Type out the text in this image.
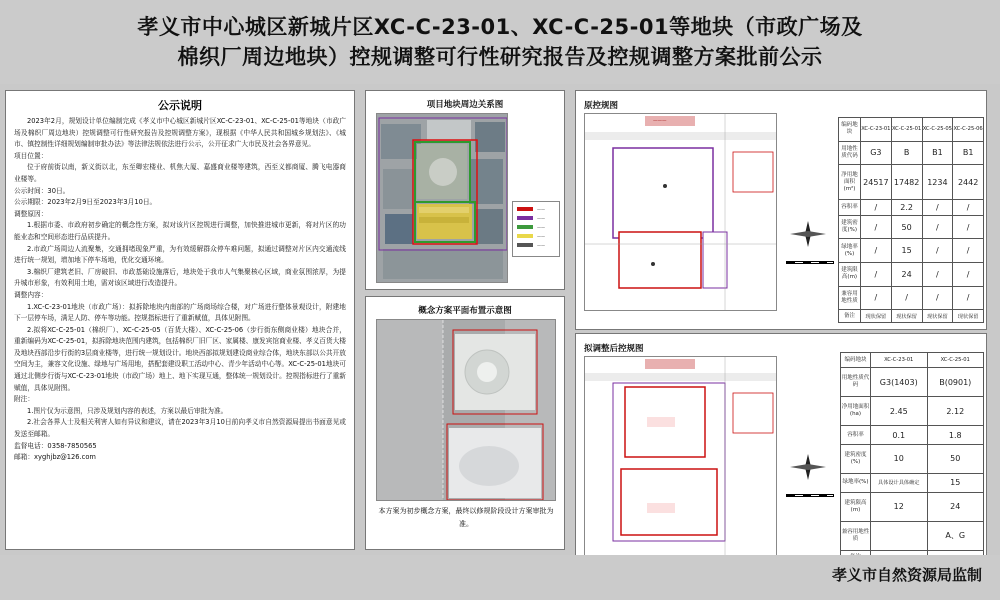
孝义市中心城区新城片区XC-C-23-01、XC-C-25-01等地块（市政广场及
棉织厂周边地块）控规调整可行性研究报告及控规调整方案批前公示
公示说明

2023年2月，规划设计单位编制完成《孝义市中心城区新城片区XC-C-23-01、XC-C-25-01等地块（市政广场及棉织厂周边地块）控规调整可行性研究报告及控规调整方案》，现根据《中华人民共和国城乡规划法》、《城市、镇控制性详细规划编制审批办法》等法律法规依法进行公示，公开征求广大市民及社会各界意见。

项目位置：

位于府前街以南，新义街以北，东至卿宏楼业、机焦大厦、嘉盛商业楼等建筑，西至义都商厦、腾飞电器商业楼等。

公示时间：30日。

公示期限：2023年2月9日至2023年3月10日。

调整原因：

1.根据市委、市政府初步确定的概念性方案，拟对该片区控规进行调整，加快推进城市更新，将对片区的功能业态和空间形态进行品质提升。

2.市政广场周边人流聚集，交通拥堵现象严重，为有效缓解群众停车难问题，拟通过调整对片区内交通流线进行统一规划，增加地下停车场地，优化交通环境。

3.棉织厂建筑老旧、厂房破旧、市政基础设施落后，地块处于我市人气集聚核心区域，商业氛围浓厚，为提升城市形象，有效利用土地，需对该区域进行改造提升。

调整内容：

1.XC-C-23-01地块（市政广场）：拟拆除地块内南部的广场商场综合楼，对广场进行整体景观设计，附建地下一层停车场，满足人防、停车等功能。控规指标进行了重新赋值，具体见附图。

2.拟将XC-C-25-01（棉织厂）、XC-C-25-05（百货大楼）、XC-C-25-06（步行街东侧商业楼）地块合并，重新编码为XC-C-25-01，拟拆除地块范围内建筑，包括棉织厂旧厂区、家属楼、康发宾馆商业楼、孝义百货大楼及地块西部沿步行街的3层商业楼等，进行统一规划设计。地块西部拟规划建设商业综合体，地块东部以公共开放空间为主，兼容文化设施、绿地与广场用地，搭配套建设职工活动中心、青少年活动中心等。XC-C-25-01地块可通过北侧步行街与XC-C-23-01地块（市政广场）地上、地下实现互通，整体统一规划设计。控规指标进行了重新赋值，具体见附图。

附注：

1.图片仅为示意图，只涉及规划内容的表述，方案以最后审批为准。

2.社会各界人士及相关利害人如有异议和建议，请在2023年3月10日前向孝义市自然资源局提出书面意见或发送至邮箱。

监督电话：0358-7850565

邮箱：xyghjbz@126.com

项目地块周边关系图
——
——
——
——
——
概念方案平面布置示意图
本方案为初步概念方案，最终以修规阶段设计方案审批为准。
原控规图
———
编码地块	XC-C-23-01	XC-C-25-01	XC-C-25-05	XC-C-25-06
用地性质代码	G3	B	B1	B1
净用地面积(m²)	24517	17482	1234	2442
容积率	/	2.2	/	/
建筑密度(%)	/	50	/	/
绿地率(%)	/	15	/	/
建筑限高(m)	/	24	/	/
兼容用地性质	/	/	/	/
备注	现状保留	现状保留	现状保留	现状保留
拟调整后控规图
编码地块	XC-C-23-01	XC-C-25-01
用地性质代码	G3(1403)	B(0901)
净用地面积(ha)	2.45	2.12
容积率	0.1	1.8
建筑密度(%)	10	50
绿地率(%)	具体设计具体确定	15
建筑限高(m)	12	24
兼容用地性质		A、G

孝义市自然资源局监制
